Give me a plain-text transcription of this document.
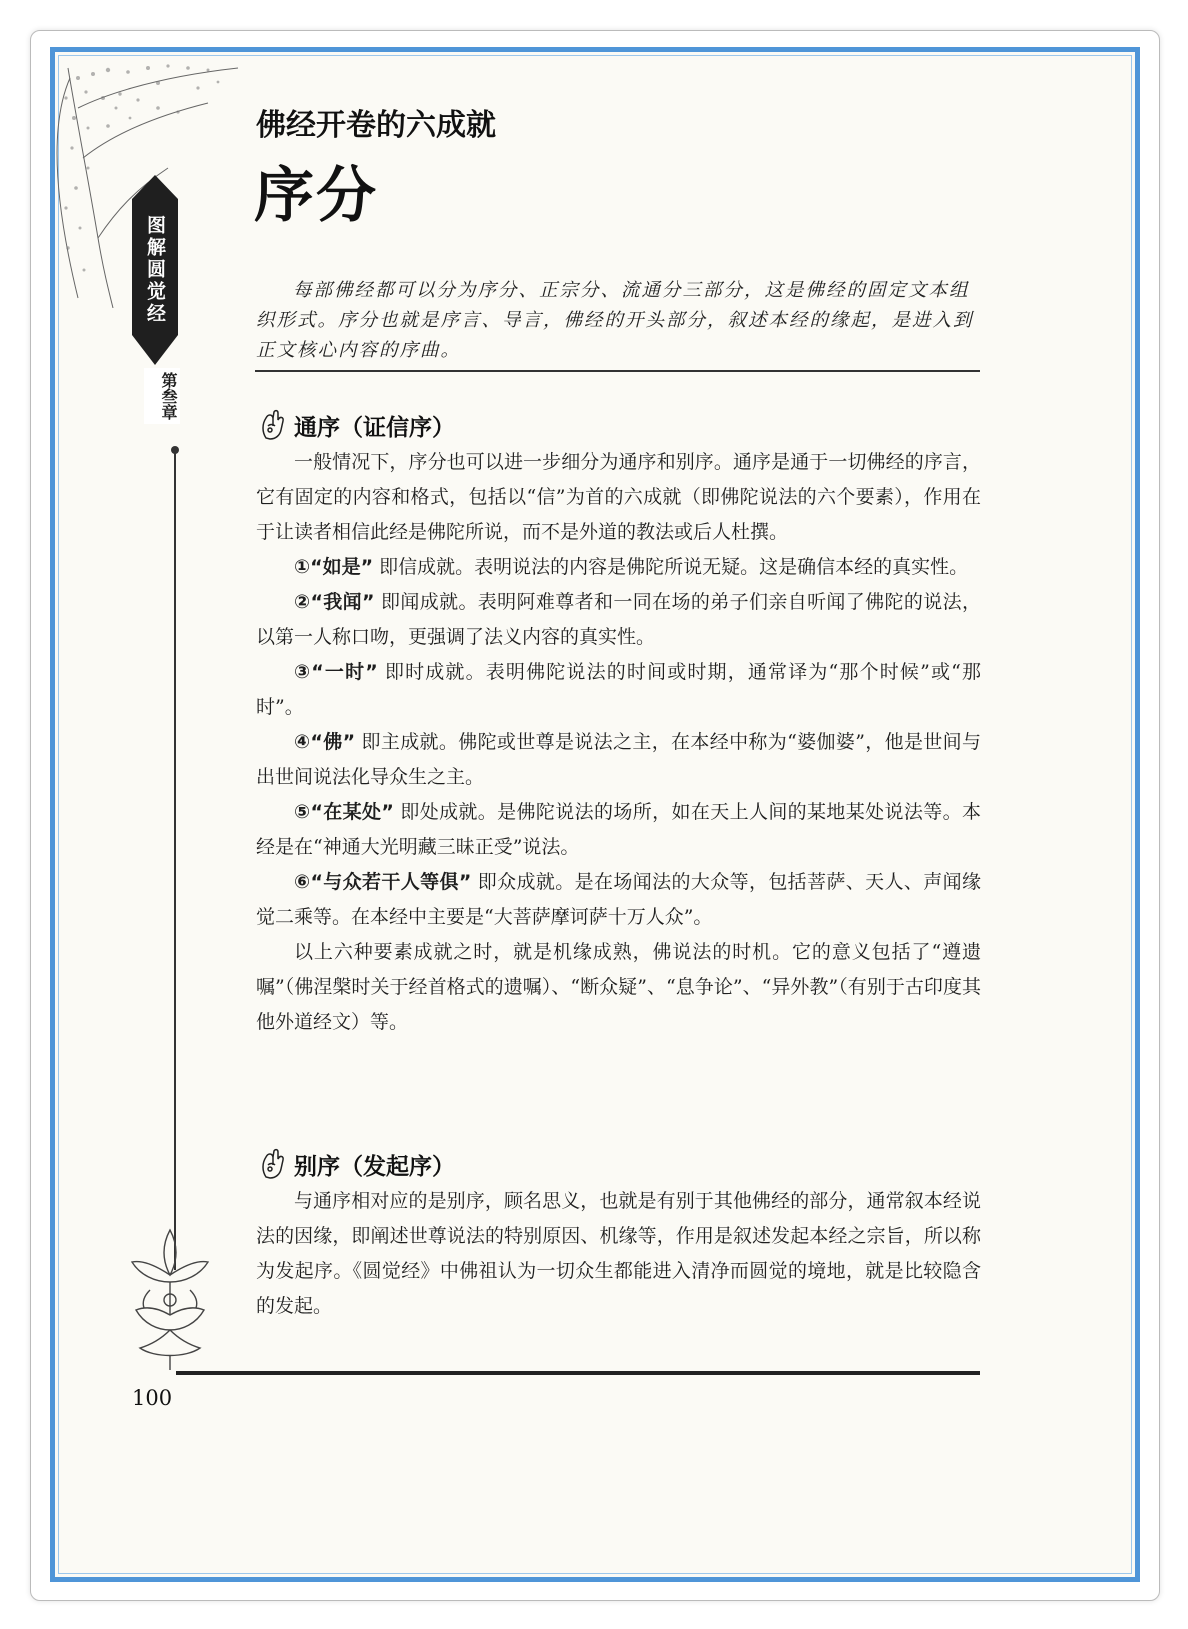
图解圆觉经
第叁章
佛经开卷的六成就
序分

每部佛经都可以分为序分、正宗分、流通分三部分，这是佛经的固定文本组织形式。序分也就是序言、导言，佛经的开头部分，叙述本经的缘起，是进入到正文核心内容的序曲。

通序（证信序）

一般情况下，序分也可以进一步细分为通序和别序。通序是通于一切佛经的序言，它有固定的内容和格式，包括以“信”为首的六成就（即佛陀说法的六个要素），作用在于让读者相信此经是佛陀所说，而不是外道的教法或后人杜撰。

①“如是” 即信成就。表明说法的内容是佛陀所说无疑。这是确信本经的真实性。

②“我闻” 即闻成就。表明阿难尊者和一同在场的弟子们亲自听闻了佛陀的说法，以第一人称口吻，更强调了法义内容的真实性。

③“一时” 即时成就。表明佛陀说法的时间或时期，通常译为“那个时候”或“那时”。

④“佛” 即主成就。佛陀或世尊是说法之主，在本经中称为“婆伽婆”，他是世间与出世间说法化导众生之主。

⑤“在某处” 即处成就。是佛陀说法的场所，如在天上人间的某地某处说法等。本经是在“神通大光明藏三昧正受”说法。

⑥“与众若干人等俱” 即众成就。是在场闻法的大众等，包括菩萨、天人、声闻缘觉二乘等。在本经中主要是“大菩萨摩诃萨十万人众”。

以上六种要素成就之时，就是机缘成熟，佛说法的时机。它的意义包括了“遵遗嘱”（佛涅槃时关于经首格式的遗嘱）、“断众疑”、“息争论”、“异外教”（有别于古印度其他外道经文）等。

别序（发起序）

与通序相对应的是别序，顾名思义，也就是有别于其他佛经的部分，通常叙本经说法的因缘，即阐述世尊说法的特别原因、机缘等，作用是叙述发起本经之宗旨，所以称为发起序。《圆觉经》中佛祖认为一切众生都能进入清净而圆觉的境地，就是比较隐含的发起。

100
